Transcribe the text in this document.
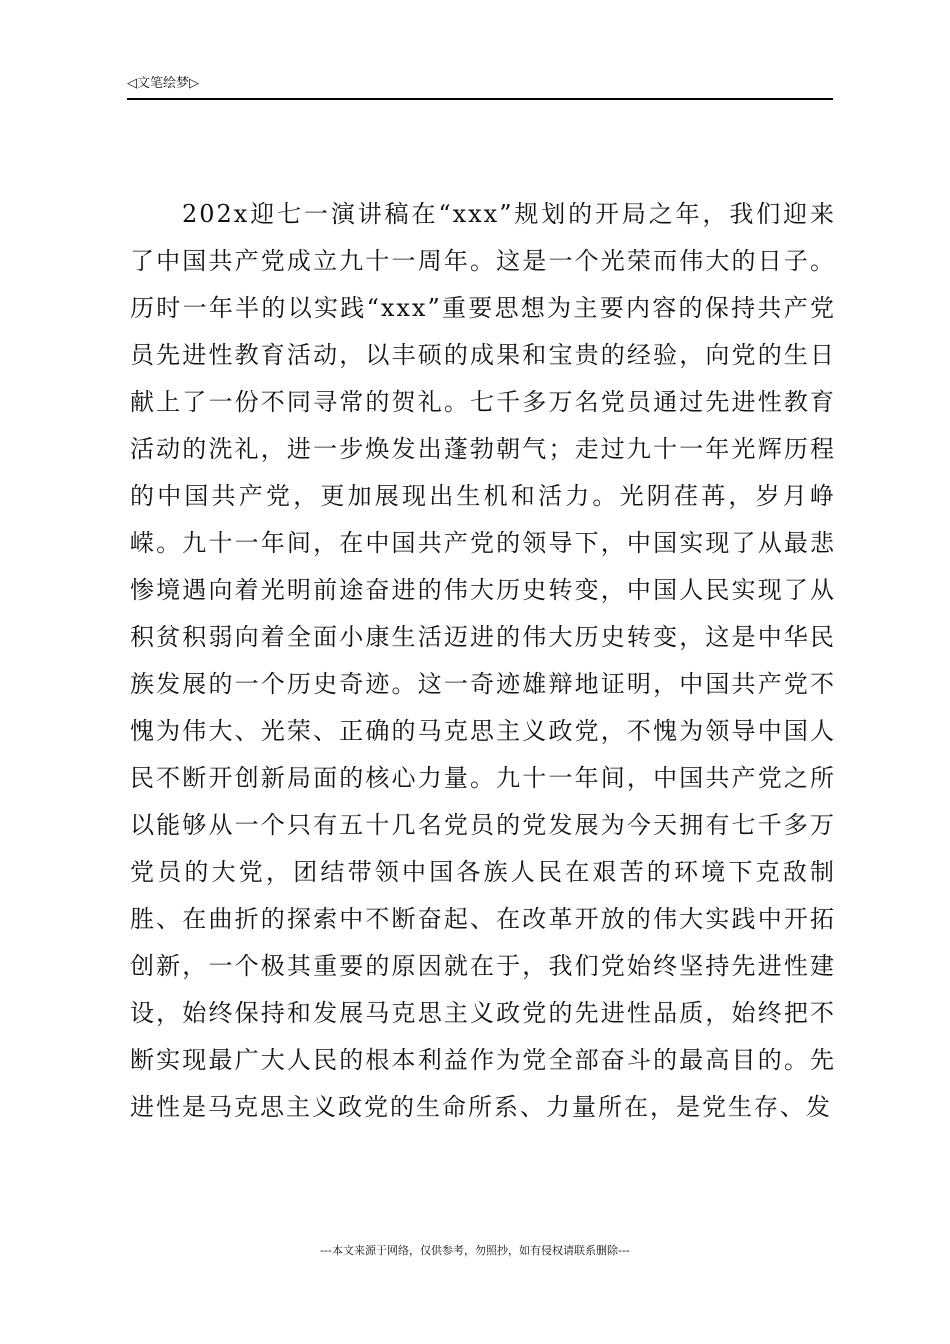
◁文笔绘梦▷

202x迎七一演讲稿在“xxx”规划的开局之年，我们迎来了中国共产党成立九十一周年。这是一个光荣而伟大的日子。历时一年半的以实践“xxx”重要思想为主要内容的保持共产党员先进性教育活动，以丰硕的成果和宝贵的经验，向党的生日献上了一份不同寻常的贺礼。七千多万名党员通过先进性教育活动的洗礼，进一步焕发出蓬勃朝气；走过九十一年光辉历程的中国共产党，更加展现出生机和活力。光阴荏苒，岁月峥嵘。九十一年间，在中国共产党的领导下，中国实现了从最悲惨境遇向着光明前途奋进的伟大历史转变，中国人民实现了从积贫积弱向着全面小康生活迈进的伟大历史转变，这是中华民族发展的一个历史奇迹。这一奇迹雄辩地证明，中国共产党不愧为伟大、光荣、正确的马克思主义政党，不愧为领导中国人民不断开创新局面的核心力量。九十一年间，中国共产党之所以能够从一个只有五十几名党员的党发展为今天拥有七千多万党员的大党，团结带领中国各族人民在艰苦的环境下克敌制胜、在曲折的探索中不断奋起、在改革开放的伟大实践中开拓创新，一个极其重要的原因就在于，我们党始终坚持先进性建设，始终保持和发展马克思主义政党的先进性品质，始终把不断实现最广大人民的根本利益作为党全部奋斗的最高目的。先进性是马克思主义政党的生命所系、力量所在，是党生存、发

---本文来源于网络，仅供参考，勿照抄，如有侵权请联系删除---
